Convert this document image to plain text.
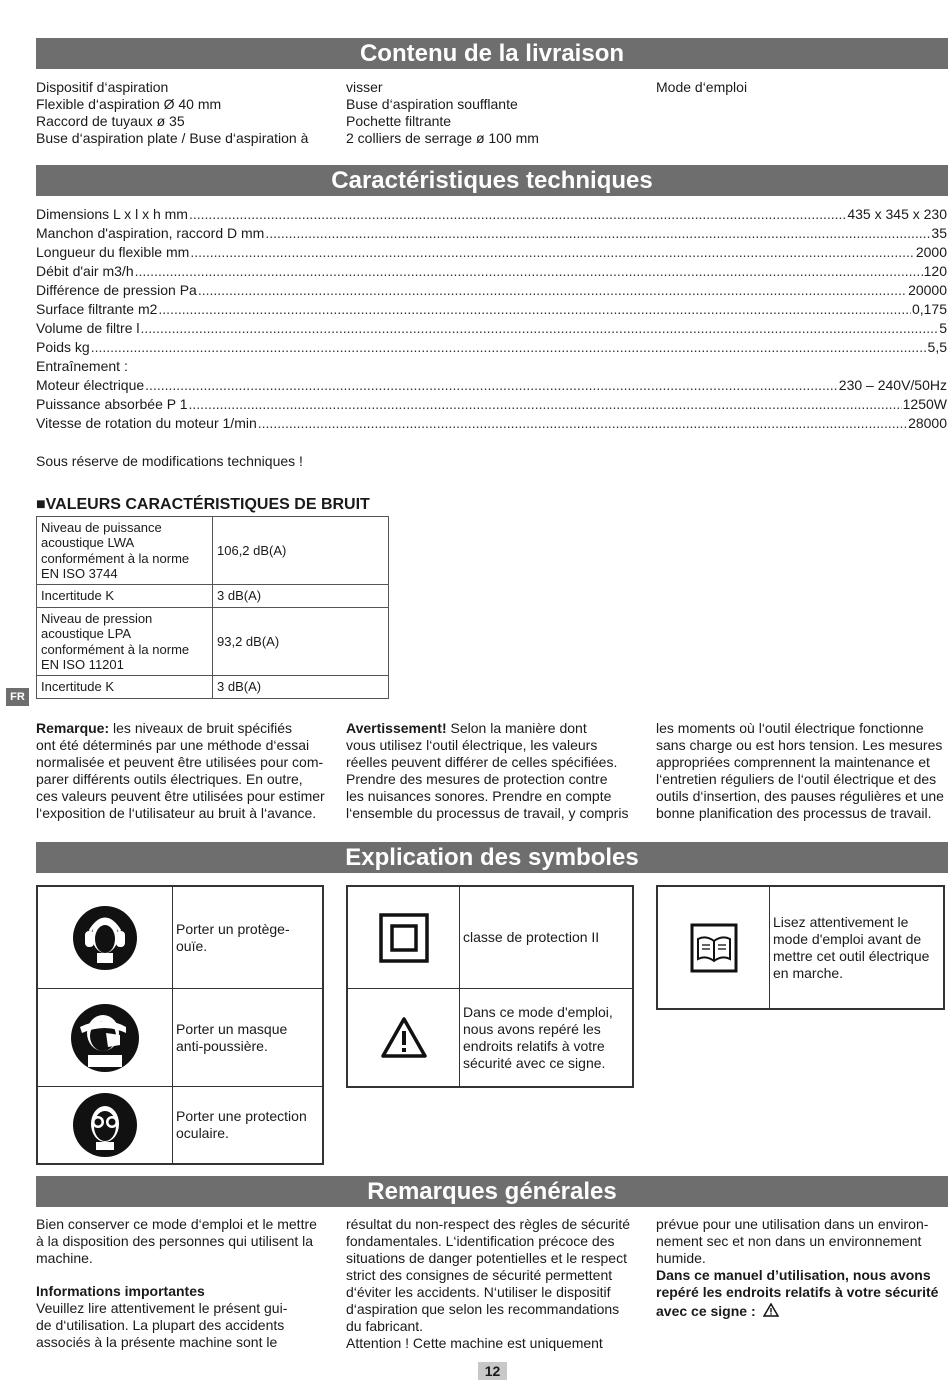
Contenu de la livraison
Caractéristiques techniques
Explication des symboles
Remarques générales
Dispositif d‘aspiration
Flexible d‘aspiration Ø 40 mm
Raccord de tuyaux ø 35
Buse d‘aspiration plate / Buse d‘aspiration à
visser
Buse d‘aspiration soufflante
Pochette filtrante
2 colliers de serrage ø 100 mm
Mode d‘emploi
Dimensions L x l x h mm .....	435 x 345 x 230
Manchon d'aspiration, raccord D mm .....	35
Longueur du flexible mm .....	2000
Débit d'air m3/h .....	120
Différence de pression Pa .....	20000
Surface filtrante m2 .....	0,175
Volume de filtre l .....	5
Poids kg .....	5,5
Entraînement :
Moteur électrique .....	230 – 240V/50Hz
Puissance absorbée P 1 .....	1250W
Vitesse de rotation du moteur 1/min .....	28000
Sous réserve de modifications techniques !
■VALEURS CARACTÉRISTIQUES DE BRUIT
Niveau de puissance
acoustique LWA
conformément à la norme
EN ISO 3744	106,2 dB(A)
Incertitude K	3 dB(A)

Niveau de pression
acoustique LPA
conformément à la norme
EN ISO 11201	93,2 dB(A)
Incertitude K	3 dB(A)
FR
Remarque: les niveaux de bruit spécifiés
ont été déterminés par une méthode d‘essai
normalisée et peuvent être utilisées pour com-
parer différents outils électriques. En outre,
ces valeurs peuvent être utilisées pour estimer
l‘exposition de l‘utilisateur au bruit à l‘avance.
Avertissement! Selon la manière dont
vous utilisez l‘outil électrique, les valeurs
réelles peuvent différer de celles spécifiées.
Prendre des mesures de protection contre
les nuisances sonores. Prendre en compte
l‘ensemble du processus de travail, y compris
les moments où l‘outil électrique fonctionne
sans charge ou est hors tension. Les mesures
appropriées comprennent la maintenance et
l‘entretien réguliers de l‘outil électrique et des
outils d‘insertion, des pauses régulières et une
bonne planification des processus de travail.
Porter un protège-
ouïe.
Porter un masque
anti-poussière.
Porter une protection
oculaire.
classe de protection II
Dans ce mode d'emploi,
nous avons repéré les
endroits relatifs à votre
sécurité avec ce signe.
Lisez attentivement le
mode d'emploi avant de
mettre cet outil électrique
en marche.
Bien conserver ce mode d‘emploi et le mettre
à la disposition des personnes qui utilisent la
machine.
Informations importantes
Veuillez lire attentivement le présent gui-
de d‘utilisation. La plupart des accidents
associés à la présente machine sont le
résultat du non-respect des règles de sécurité
fondamentales. L‘identification précoce des
situations de danger potentielles et le respect
strict des consignes de sécurité permettent
d‘éviter les accidents. N‘utiliser le dispositif
d‘aspiration que selon les recommandations
du fabricant.
Attention ! Cette machine est uniquement
prévue pour une utilisation dans un environ-
nement sec et non dans un environnement
humide.
Dans ce manuel d’utilisation, nous avons
repéré les endroits relatifs à votre sécurité
avec ce signe :
12
